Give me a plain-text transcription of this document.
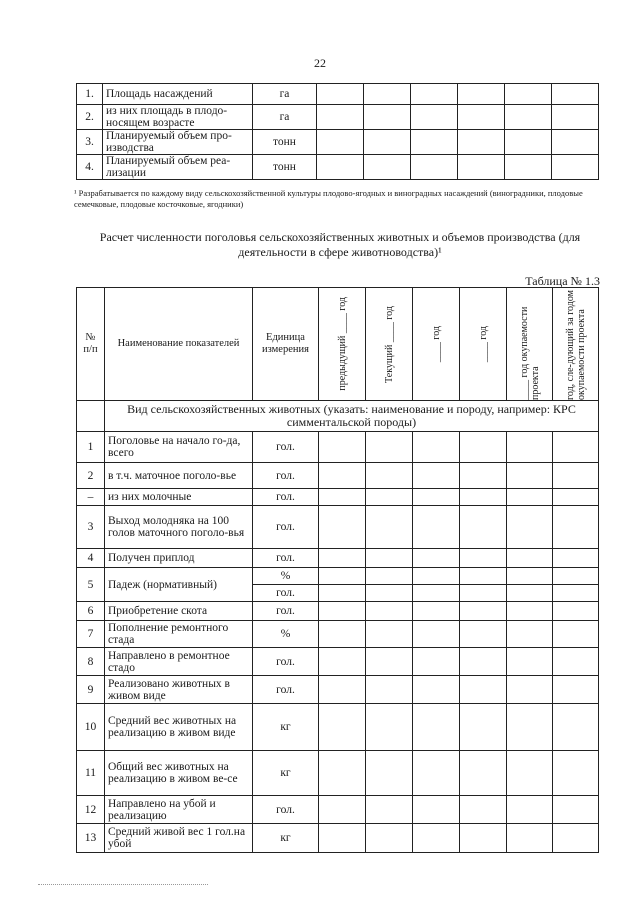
22
1.	Площадь насаждений	га						
2.	из них площадь в плодо-носящем возрасте	га						
3.	Планируемый объем про-изводства	тонн						
4.	Планируемый объем реа-лизации	тонн						
¹ Разрабатывается по каждому виду сельскохозяйственной культуры плодово-ягодных и виноградных насаждений (виноградники, плодовые семечковые, плодовые косточковые, ягодники)
Расчет численности поголовья сельскохозяйственных животных и объемов производства (для деятельности в сфере животноводства)¹
Таблица № 1.3
№ п/п	Наименование показателей	Единица измерения	предыдущий ____ год	Текущий ____ год	____ год	____ год	____ год окупаемости проекта	год, сле-дующий за годом окупаемости проекта

	Вид сельскохозяйственных животных (указать: наименование и породу, например: КРС симментальской породы)							
1	Поголовье на начало го-да, всего	гол.						
2	в т.ч. маточное поголо-вье	гол.						
–	из них молочные	гол.						
3	Выход молодняка на 100 голов маточного поголо-вья	гол.						
4	Получен приплод	гол.						
5	Падеж (нормативный)	%						
		гол.						
6	Приобретение скота	гол.						
7	Пополнение ремонтного стада	%						
8	Направлено в ремонтное стадо	гол.						
9	Реализовано животных в живом виде	гол.						
10	Средний вес животных на реализацию в живом виде	кг						
11	Общий вес животных на реализацию в живом ве-се	кг						
12	Направлено на убой и реализацию	гол.						
13	Средний живой вес 1 гол.на убой	кг						
